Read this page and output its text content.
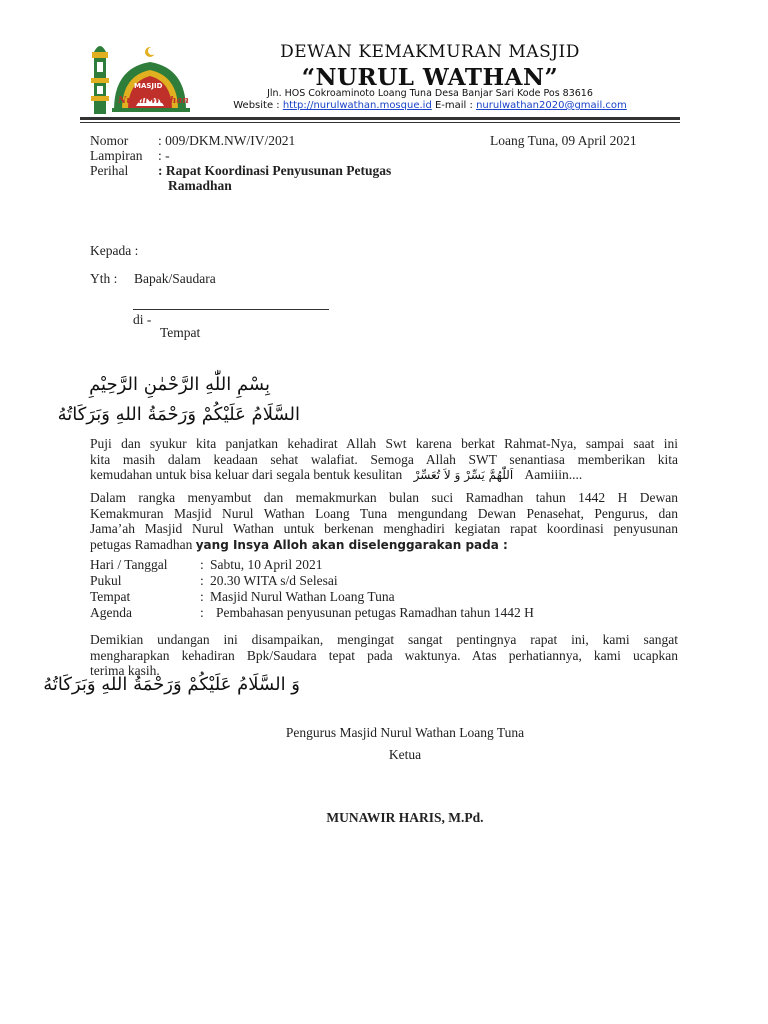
MASJID
Nurul Wathan
DEWAN KEMAKMURAN MASJID
“NURUL WATHAN”
Jln. HOS Cokroaminoto Loang Tuna Desa Banjar Sari Kode Pos 83616
Website : http://nurulwathan.mosque.id E-mail : nurulwathan2020@gmail.com
Nomor : 009/DKM.NW/IV/2021	Loang Tuna, 09 April 2021
Lampiran : -
Perihal : Rapat Koordinasi Penyusunan Petugas
Ramadhan
Kepada :
Yth : Bapak/Saudara
di -
Tempat
بِسْمِ اللّٰهِ الرَّحْمٰنِ الرَّحِيْمِ
السَّلَامُ عَلَيْكُمْ وَرَحْمَةُ اللهِ وَبَرَكَاتُهُ
Puji dan syukur kita panjatkan kehadirat Allah Swt karena berkat Rahmat-Nya, sampai saat ini
kita masih dalam keadaan sehat walafiat. Semoga Allah SWT senantiasa memberikan kita
kemudahan untuk bisa keluar dari segala bentuk kesulitan اَللّٰهُمَّ يَسِّرْ وَ لاَ تُعَسِّرْ Aamiiin....
Dalam rangka menyambut dan memakmurkan bulan suci Ramadhan tahun 1442 H Dewan
Kemakmuran Masjid Nurul Wathan Loang Tuna mengundang Dewan Penasehat, Pengurus, dan
Jama’ah Masjid Nurul Wathan untuk berkenan menghadiri kegiatan rapat koordinasi penyusunan
petugas Ramadhan yang Insya Alloh akan diselenggarakan pada :
Hari / Tanggal : Sabtu, 10 April 2021
Pukul	: 20.30 WITA s/d Selesai
Tempat	: Masjid Nurul Wathan Loang Tuna
Agenda	: Pembahasan penyusunan petugas Ramadhan tahun 1442 H
Demikian undangan ini disampaikan, mengingat sangat pentingnya rapat ini, kami sangat
mengharapkan kehadiran Bpk/Saudara tepat pada waktunya. Atas perhatiannya, kami ucapkan
terima kasih.
وَ السَّلَامُ عَلَيْكُمْ وَرَحْمَةُ اللهِ وَبَرَكَاتُهُ
Pengurus Masjid Nurul Wathan Loang Tuna
Ketua
MUNAWIR HARIS, M.Pd.
